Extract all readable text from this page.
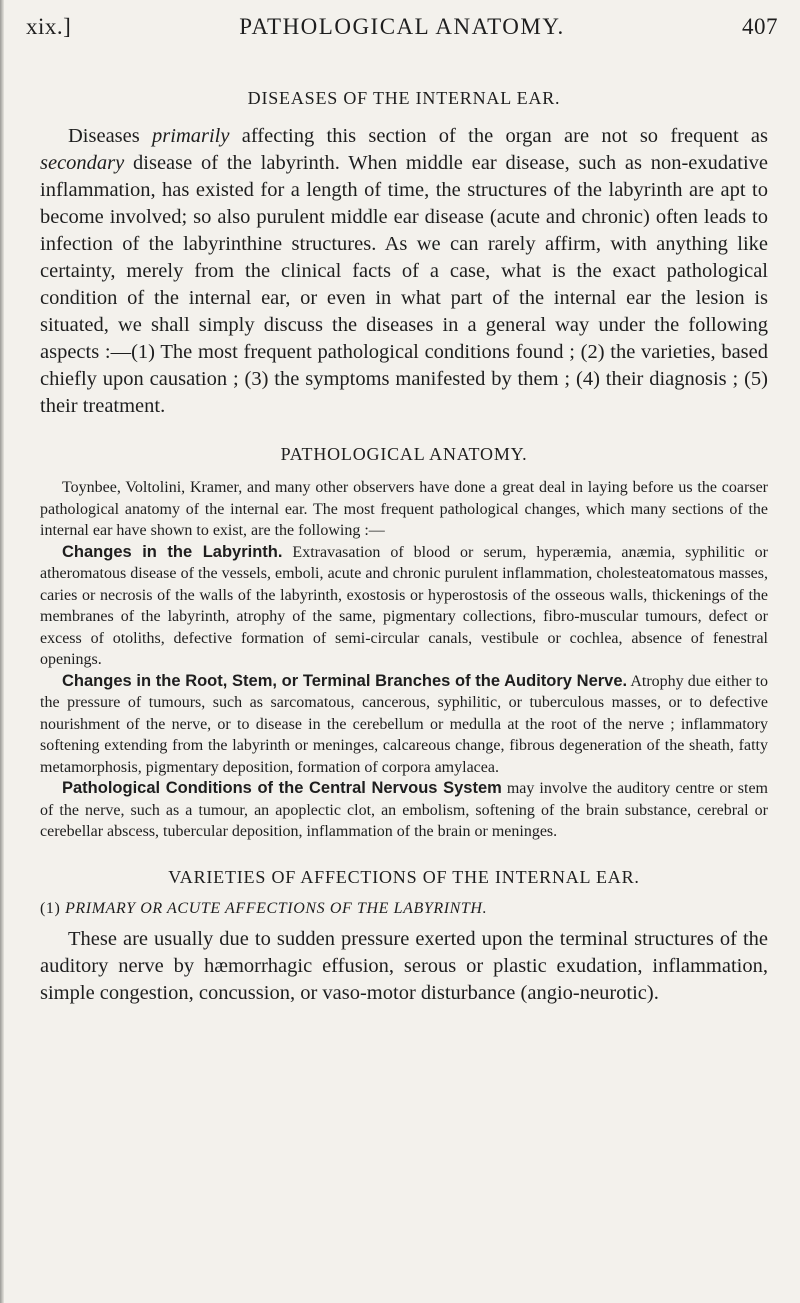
xix.]	PATHOLOGICAL ANATOMY.	407
DISEASES OF THE INTERNAL EAR.

Diseases primarily affecting this section of the organ are not so frequent as secondary disease of the labyrinth. When middle ear disease, such as non-exudative inflammation, has existed for a length of time, the structures of the labyrinth are apt to become involved; so also purulent middle ear disease (acute and chronic) often leads to infection of the labyrinthine structures. As we can rarely affirm, with anything like certainty, merely from the clinical facts of a case, what is the exact pathological condition of the internal ear, or even in what part of the internal ear the lesion is situated, we shall simply discuss the diseases in a general way under the following aspects :—(1) The most frequent pathological conditions found ; (2) the varieties, based chiefly upon causation ; (3) the symptoms manifested by them ; (4) their diagnosis ; (5) their treatment.

PATHOLOGICAL ANATOMY.

Toynbee, Voltolini, Kramer, and many other observers have done a great deal in laying before us the coarser pathological anatomy of the internal ear. The most frequent pathological changes, which many sections of the internal ear have shown to exist, are the following :—

Changes in the Labyrinth. Extravasation of blood or serum, hyperæmia, anæmia, syphilitic or atheromatous disease of the vessels, emboli, acute and chronic purulent inflammation, cholesteatomatous masses, caries or necrosis of the walls of the labyrinth, exostosis or hyperostosis of the osseous walls, thickenings of the membranes of the labyrinth, atrophy of the same, pigmentary collections, fibro-muscular tumours, defect or excess of otoliths, defective formation of semi-circular canals, vestibule or cochlea, absence of fenestral openings.

Changes in the Root, Stem, or Terminal Branches of the Auditory Nerve. Atrophy due either to the pressure of tumours, such as sarcomatous, cancerous, syphilitic, or tuberculous masses, or to defective nourishment of the nerve, or to disease in the cerebellum or medulla at the root of the nerve ; inflammatory softening extending from the labyrinth or meninges, calcareous change, fibrous degeneration of the sheath, fatty metamorphosis, pigmentary deposition, formation of corpora amylacea.

Pathological Conditions of the Central Nervous System may involve the auditory centre or stem of the nerve, such as a tumour, an apoplectic clot, an embolism, softening of the brain substance, cerebral or cerebellar abscess, tubercular deposition, inflammation of the brain or meninges.

VARIETIES OF AFFECTIONS OF THE INTERNAL EAR.
(1) PRIMARY OR ACUTE AFFECTIONS OF THE LABYRINTH.

These are usually due to sudden pressure exerted upon the terminal structures of the auditory nerve by hæmorrhagic effusion, serous or plastic exudation, inflammation, simple congestion, concussion, or vaso-motor disturbance (angio-neurotic).
